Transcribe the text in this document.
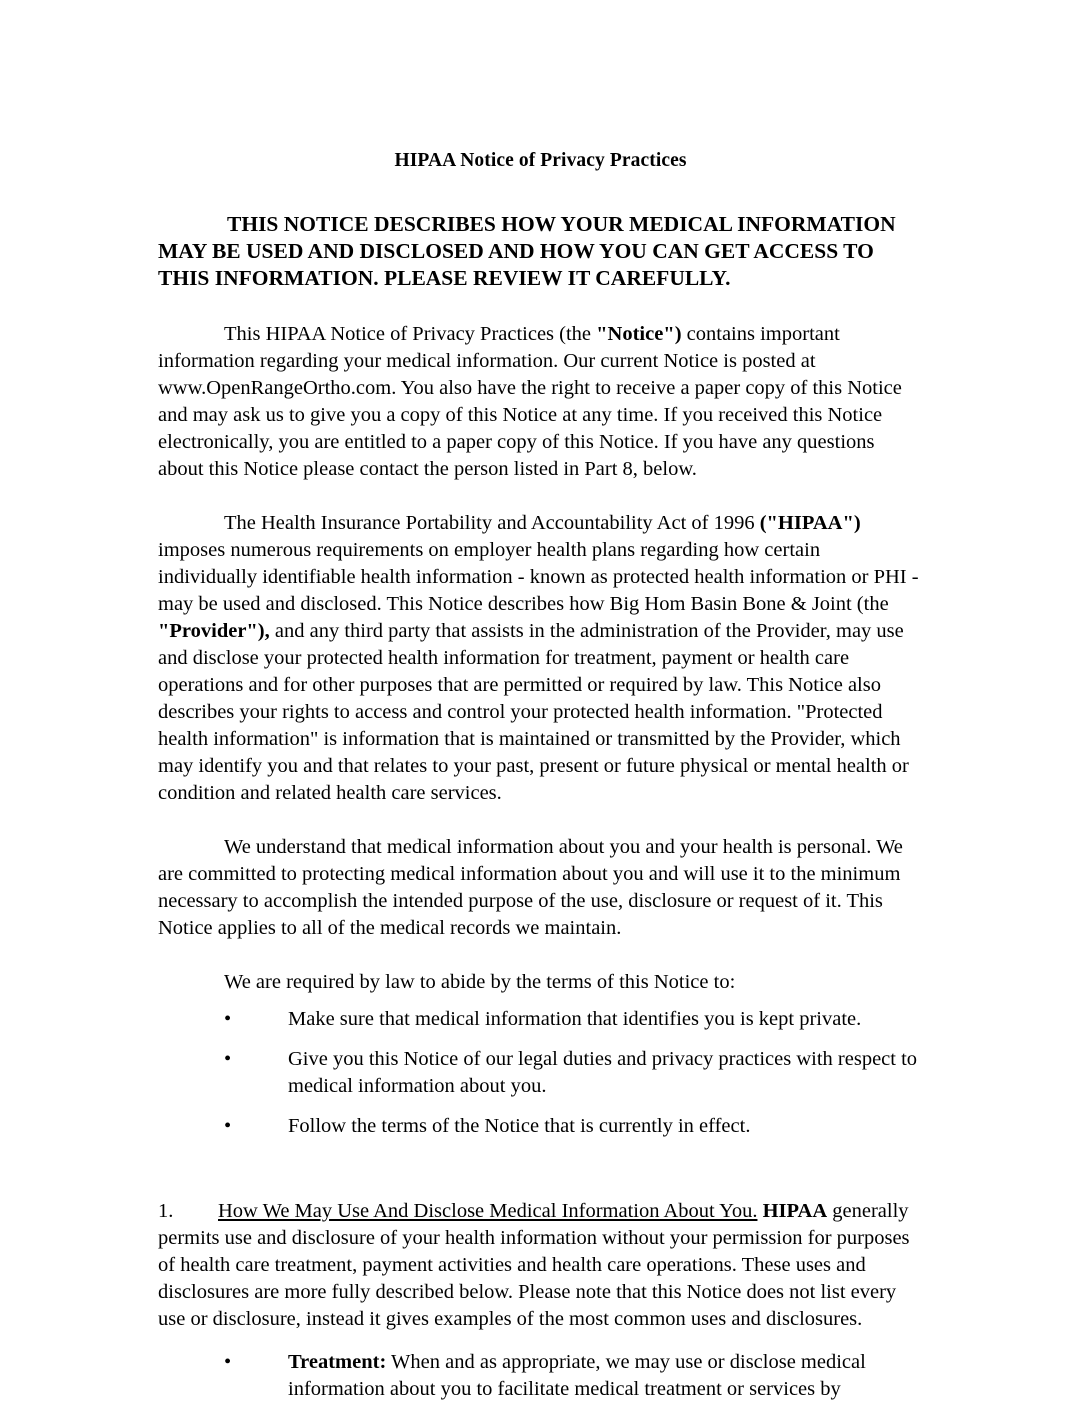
HIPAA Notice of Privacy Practices
THIS NOTICE DESCRIBES HOW YOUR MEDICAL INFORMATION MAY BE USED AND DISCLOSED AND HOW YOU CAN GET ACCESS TO THIS INFORMATION. PLEASE REVIEW IT CAREFULLY.

This HIPAA Notice of Privacy Practices (the "Notice") contains important information regarding your medical information. Our current Notice is posted at www.OpenRangeOrtho.com. You also have the right to receive a paper copy of this Notice and may ask us to give you a copy of this Notice at any time. If you received this Notice electronically, you are entitled to a paper copy of this Notice. If you have any questions about this Notice please contact the person listed in Part 8, below.

The Health Insurance Portability and Accountability Act of 1996 ("HIPAA") imposes numerous requirements on employer health plans regarding how certain individually identifiable health information - known as protected health information or PHI - may be used and disclosed. This Notice describes how Big Hom Basin Bone & Joint (the "Provider"), and any third party that assists in the administration of the Provider, may use and disclose your protected health information for treatment, payment or health care operations and for other purposes that are permitted or required by law. This Notice also describes your rights to access and control your protected health information. "Protected health information" is information that is maintained or transmitted by the Provider, which may identify you and that relates to your past, present or future physical or mental health or condition and related health care services.

We understand that medical information about you and your health is personal. We are committed to protecting medical information about you and will use it to the minimum necessary to accomplish the intended purpose of the use, disclosure or request of it. This Notice applies to all of the medical records we maintain.

We are required by law to abide by the terms of this Notice to:

•	Make sure that medical information that identifies you is kept private.
•	Give you this Notice of our legal duties and privacy practices with respect to medical information about you.
•	Follow the terms of the Notice that is currently in effect.

1. How We May Use And Disclose Medical Information About You. HIPAA generally permits use and disclosure of your health information without your permission for purposes of health care treatment, payment activities and health care operations. These uses and disclosures are more fully described below. Please note that this Notice does not list every use or disclosure, instead it gives examples of the most common uses and disclosures.

•	Treatment: When and as appropriate, we may use or disclose medical information about you to facilitate medical treatment or services by
